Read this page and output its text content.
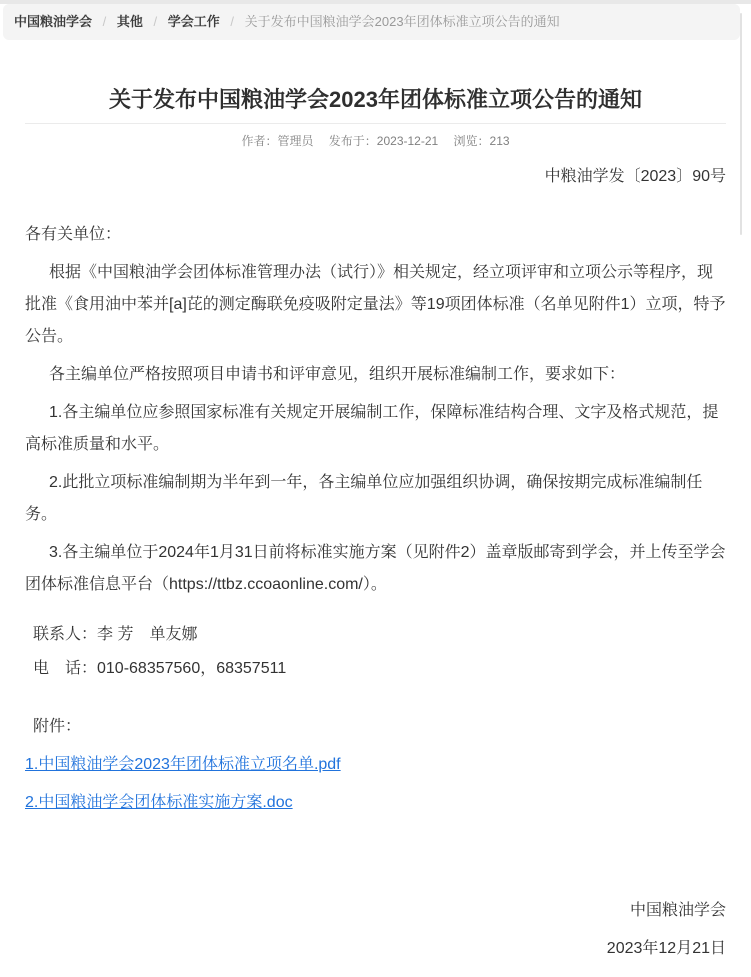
中国粮油学会 / 其他 / 学会工作 / 关于发布中国粮油学会2023年团体标准立项公告的通知
关于发布中国粮油学会2023年团体标准立项公告的通知
作者：管理员 发布于：2023-12-21 浏览：213
中粮油学发〔2023〕90号

各有关单位：

根据《中国粮油学会团体标准管理办法（试行）》相关规定，经立项评审和立项公示等程序，现批准《食用油中苯并[a]芘的测定酶联免疫吸附定量法》等19项团体标准（名单见附件1）立项，特予公告。

各主编单位严格按照项目申请书和评审意见，组织开展标准编制工作，要求如下：

1.各主编单位应参照国家标准有关规定开展编制工作，保障标准结构合理、文字及格式规范，提高标准质量和水平。

2.此批立项标准编制期为半年到一年，各主编单位应加强组织协调，确保按期完成标准编制任务。

3.各主编单位于2024年1月31日前将标准实施方案（见附件2）盖章版邮寄到学会，并上传至学会团体标准信息平台（https://ttbz.ccoaonline.com/）。

联系人：李 芳　单友娜

电　话：010-68357560，68357511

附件：

1.中国粮油学会2023年团体标准立项名单.pdf

2.中国粮油学会团体标准实施方案.doc

中国粮油学会

2023年12月21日
